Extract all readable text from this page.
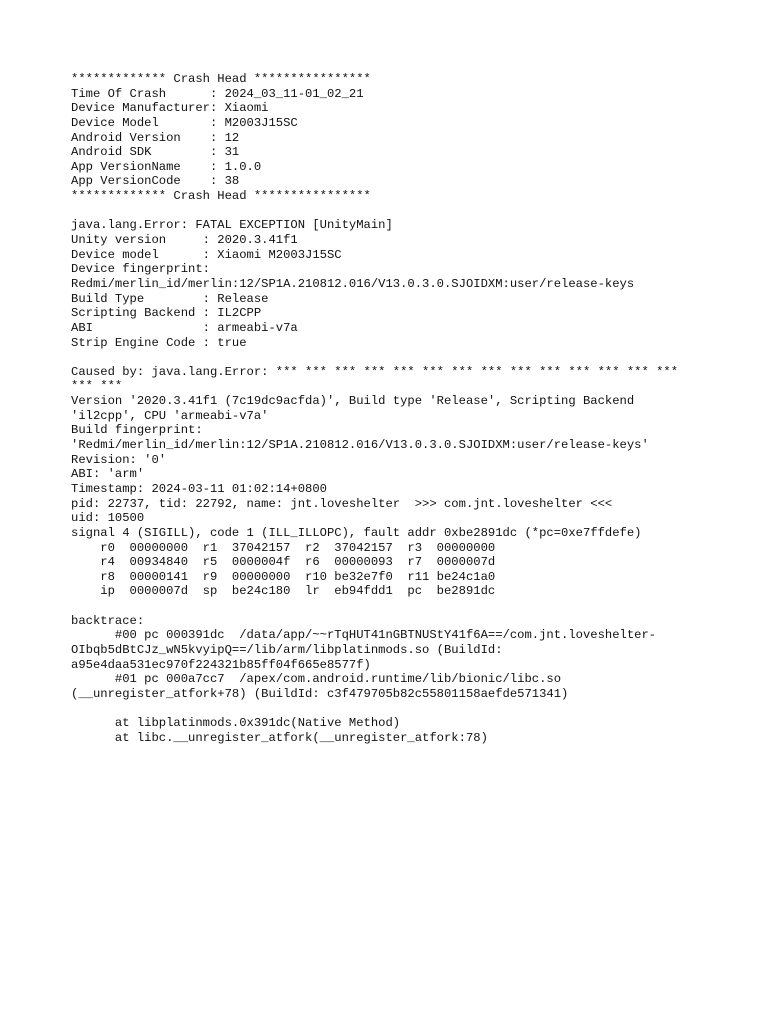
************* Crash Head ****************
Time Of Crash      : 2024_03_11-01_02_21
Device Manufacturer: Xiaomi
Device Model       : M2003J15SC
Android Version    : 12
Android SDK        : 31
App VersionName    : 1.0.0
App VersionCode    : 38
************* Crash Head ****************
java.lang.Error: FATAL EXCEPTION [UnityMain]
Unity version     : 2020.3.41f1
Device model      : Xiaomi M2003J15SC
Device fingerprint:
Redmi/merlin_id/merlin:12/SP1A.210812.016/V13.0.3.0.SJOIDXM:user/release-keys
Build Type        : Release
Scripting Backend : IL2CPP
ABI               : armeabi-v7a
Strip Engine Code : true
Caused by: java.lang.Error: *** *** *** *** *** *** *** *** *** *** *** *** *** ***
*** ***
Version '2020.3.41f1 (7c19dc9acfda)', Build type 'Release', Scripting Backend
'il2cpp', CPU 'armeabi-v7a'
Build fingerprint:
'Redmi/merlin_id/merlin:12/SP1A.210812.016/V13.0.3.0.SJOIDXM:user/release-keys'
Revision: '0'
ABI: 'arm'
Timestamp: 2024-03-11 01:02:14+0800
pid: 22737, tid: 22792, name: jnt.loveshelter  >>> com.jnt.loveshelter <<<
uid: 10500
signal 4 (SIGILL), code 1 (ILL_ILLOPC), fault addr 0xbe2891dc (*pc=0xe7ffdefe)
r0  00000000  r1  37042157  r2  37042157  r3  00000000
r4  00934840  r5  0000004f  r6  00000093  r7  0000007d
r8  00000141  r9  00000000  r10 be32e7f0  r11 be24c1a0
ip  0000007d  sp  be24c180  lr  eb94fdd1  pc  be2891dc
backtrace:
#00 pc 000391dc  /data/app/~~rTqHUT41nGBTNUStY41f6A==/com.jnt.loveshelter-
OIbqb5dBtCJz_wN5kvyipQ==/lib/arm/libplatinmods.so (BuildId:
a95e4daa531ec970f224321b85ff04f665e8577f)
#01 pc 000a7cc7  /apex/com.android.runtime/lib/bionic/libc.so
(__unregister_atfork+78) (BuildId: c3f479705b82c55801158aefde571341)
at libplatinmods.0x391dc(Native Method)
at libc.__unregister_atfork(__unregister_atfork:78)
